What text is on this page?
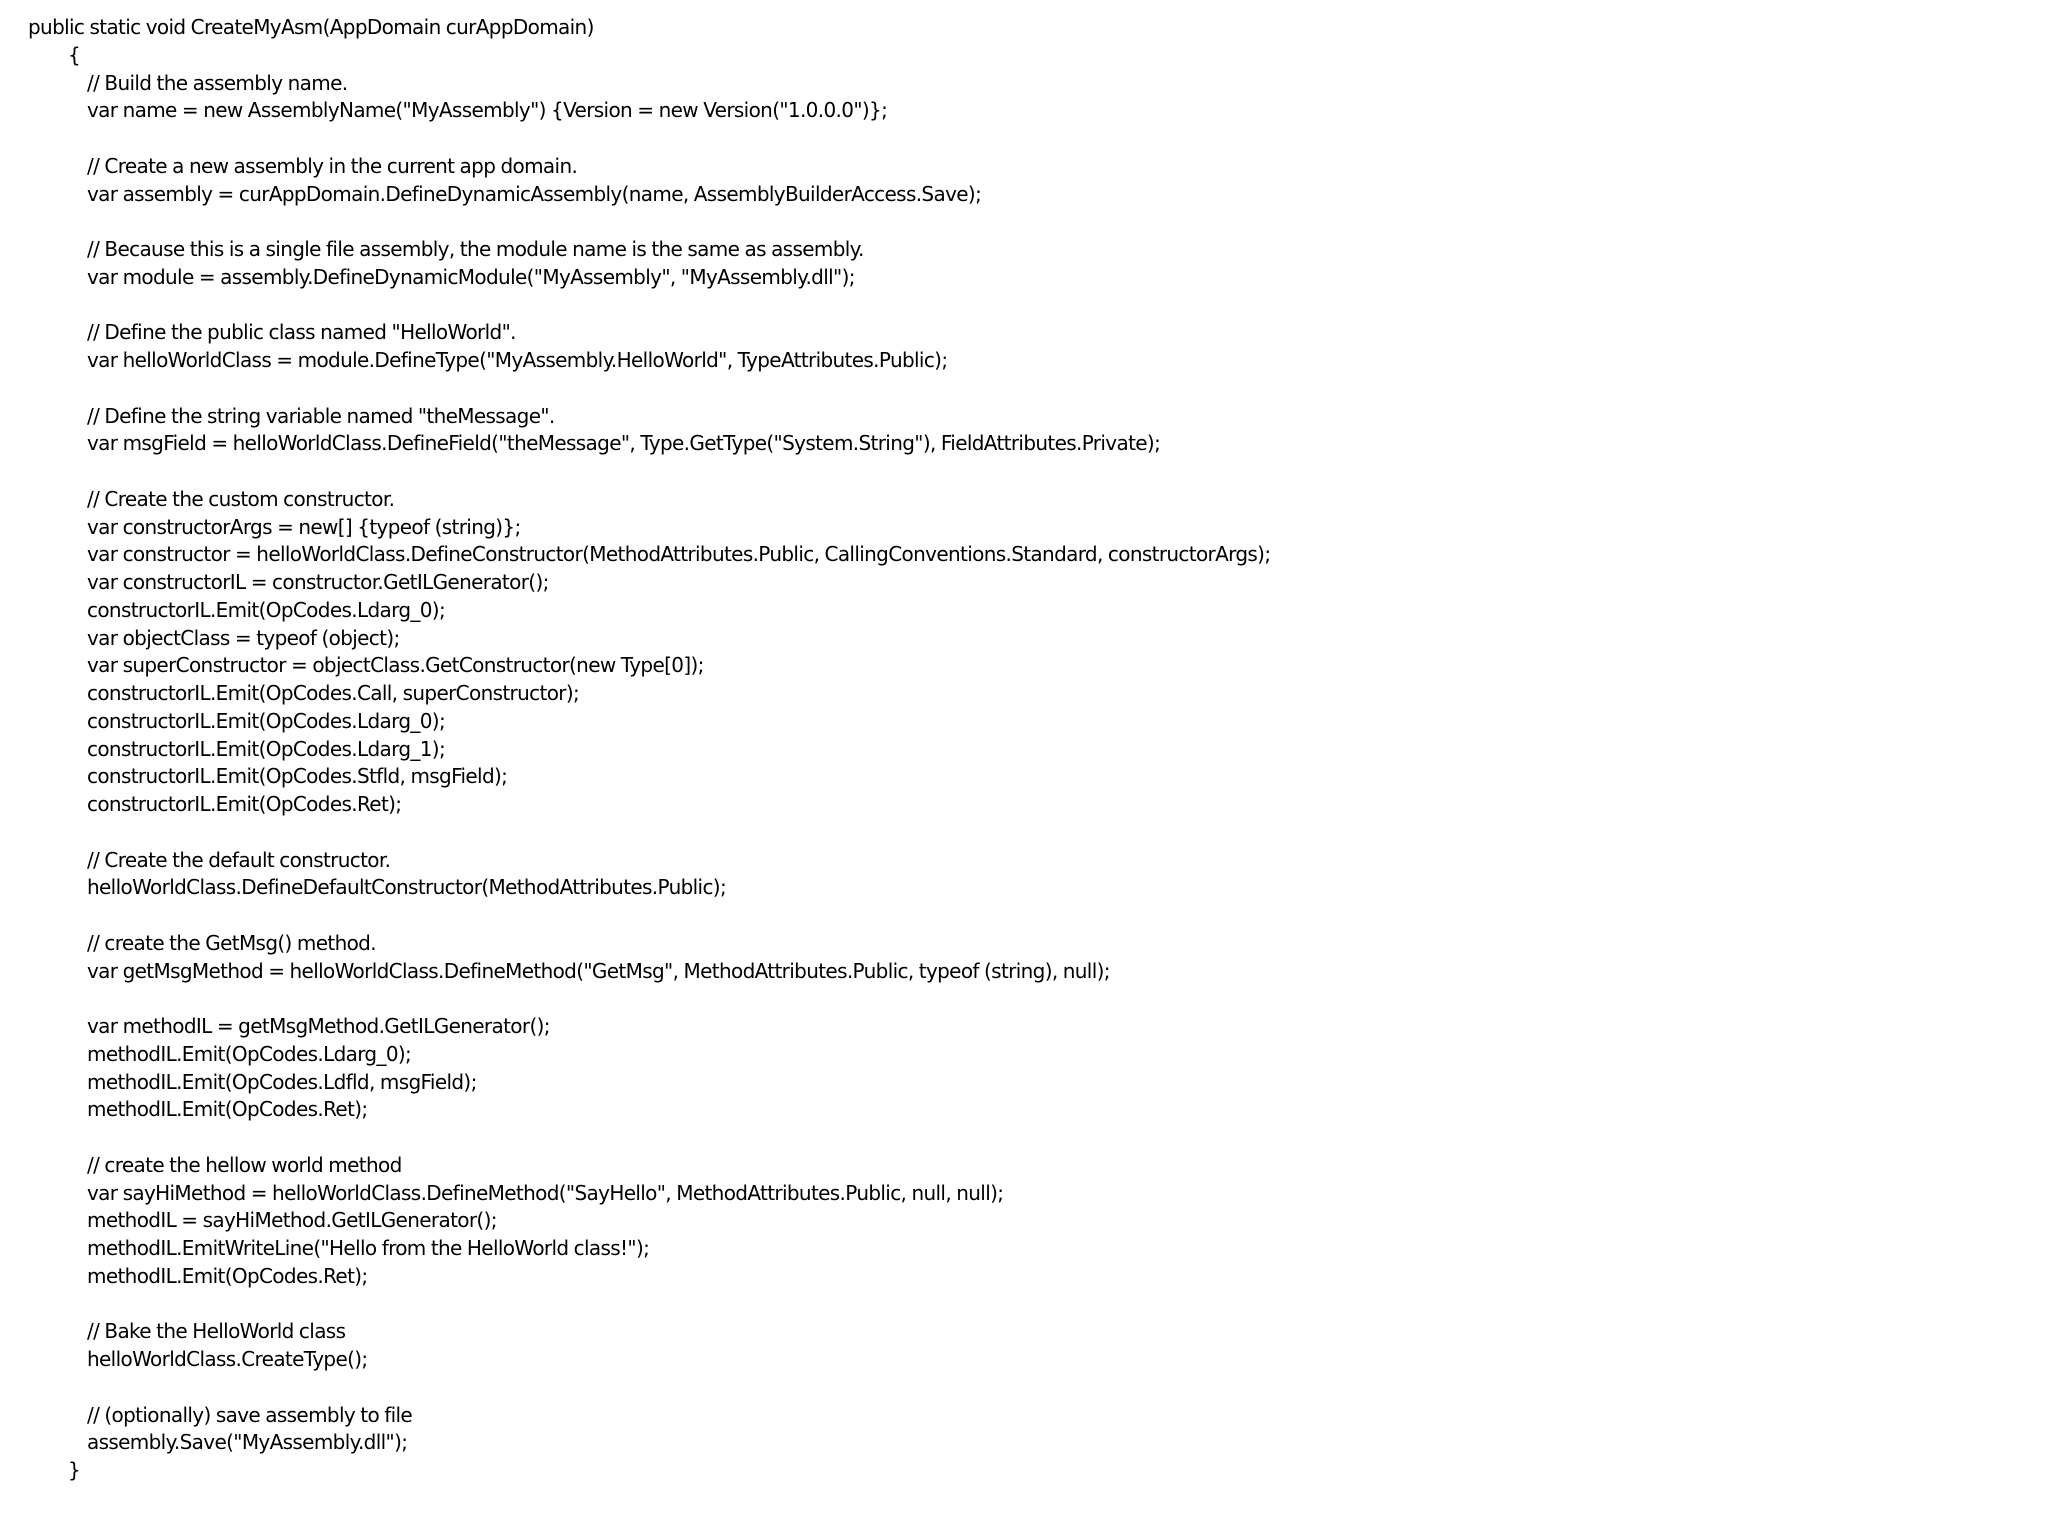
public static void CreateMyAsm(AppDomain curAppDomain)
{
// Build the assembly name.
var name = new AssemblyName("MyAssembly") {Version = new Version("1.0.0.0")};
// Create a new assembly in the current app domain.
var assembly = curAppDomain.DefineDynamicAssembly(name, AssemblyBuilderAccess.Save);
// Because this is a single file assembly, the module name is the same as assembly.
var module = assembly.DefineDynamicModule("MyAssembly", "MyAssembly.dll");
// Define the public class named "HelloWorld".
var helloWorldClass = module.DefineType("MyAssembly.HelloWorld", TypeAttributes.Public);
// Define the string variable named "theMessage".
var msgField = helloWorldClass.DefineField("theMessage", Type.GetType("System.String"), FieldAttributes.Private);
// Create the custom constructor.
var constructorArgs = new[] {typeof (string)};
var constructor = helloWorldClass.DefineConstructor(MethodAttributes.Public, CallingConventions.Standard, constructorArgs);
var constructorIL = constructor.GetILGenerator();
constructorIL.Emit(OpCodes.Ldarg_0);
var objectClass = typeof (object);
var superConstructor = objectClass.GetConstructor(new Type[0]);
constructorIL.Emit(OpCodes.Call, superConstructor);
constructorIL.Emit(OpCodes.Ldarg_0);
constructorIL.Emit(OpCodes.Ldarg_1);
constructorIL.Emit(OpCodes.Stfld, msgField);
constructorIL.Emit(OpCodes.Ret);
// Create the default constructor.
helloWorldClass.DefineDefaultConstructor(MethodAttributes.Public);
// create the GetMsg() method.
var getMsgMethod = helloWorldClass.DefineMethod("GetMsg", MethodAttributes.Public, typeof (string), null);
var methodIL = getMsgMethod.GetILGenerator();
methodIL.Emit(OpCodes.Ldarg_0);
methodIL.Emit(OpCodes.Ldfld, msgField);
methodIL.Emit(OpCodes.Ret);
// create the hellow world method
var sayHiMethod = helloWorldClass.DefineMethod("SayHello", MethodAttributes.Public, null, null);
methodIL = sayHiMethod.GetILGenerator();
methodIL.EmitWriteLine("Hello from the HelloWorld class!");
methodIL.Emit(OpCodes.Ret);
// Bake the HelloWorld class
helloWorldClass.CreateType();
// (optionally) save assembly to file
assembly.Save("MyAssembly.dll");
}
